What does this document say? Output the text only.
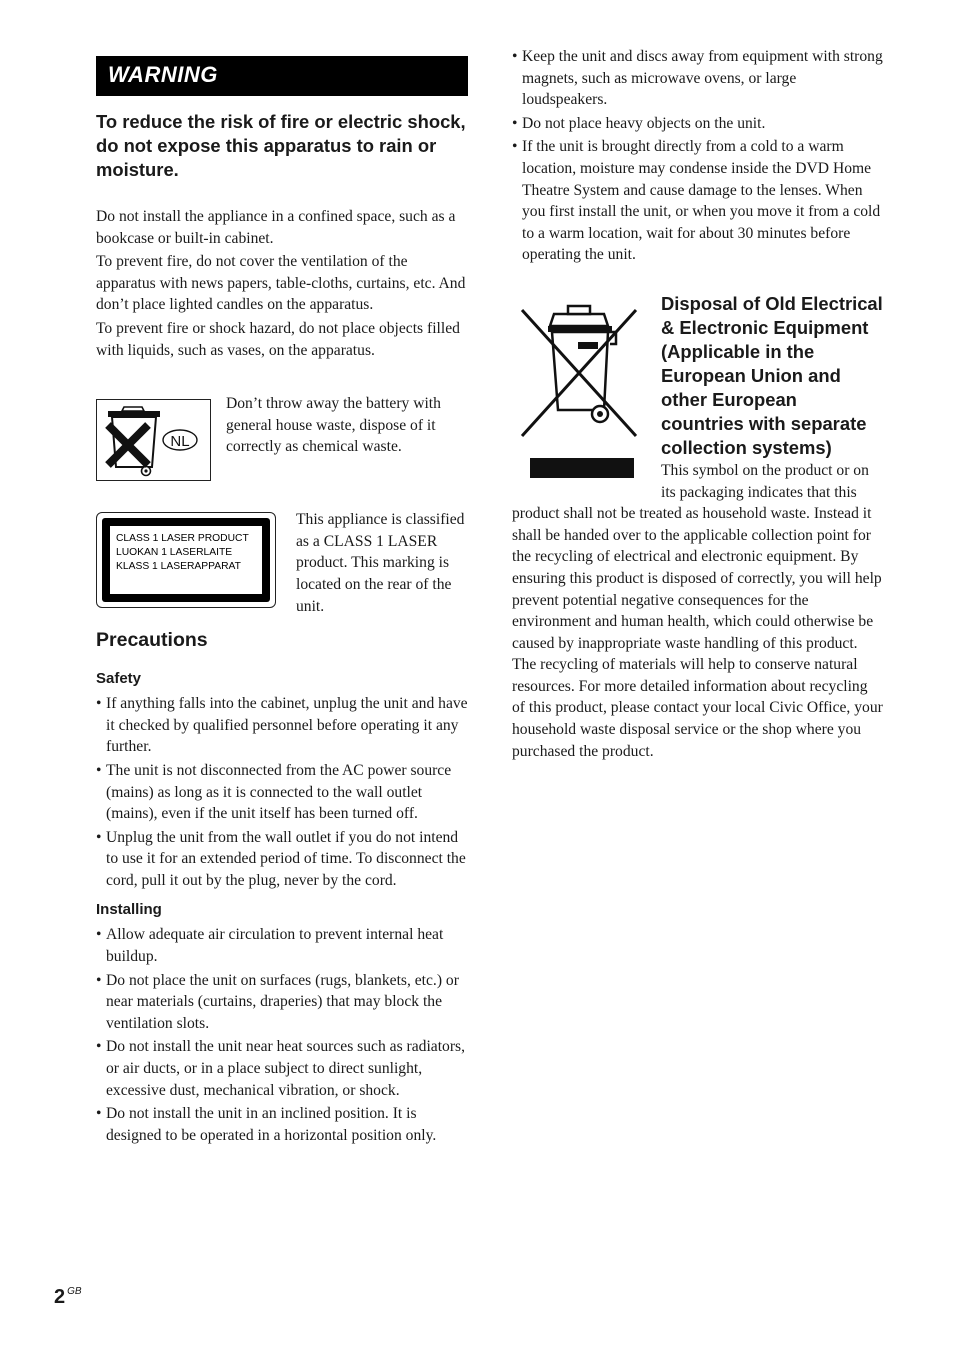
WARNING

To reduce the risk of fire or electric shock, do not expose this apparatus to rain or moisture.

Do not install the appliance in a confined space, such as a bookcase or built-in cabinet.

To prevent fire, do not cover the ventilation of the apparatus with news papers, table-cloths, curtains, etc. And don’t place lighted candles on the apparatus.

To prevent fire or shock hazard, do not place objects filled with liquids, such as vases, on the apparatus.

NL

Don’t throw away the battery with general house waste, dispose of it correctly as chemical waste.

CLASS 1 LASER PRODUCT
LUOKAN 1 LASERLAITE
KLASS 1 LASERAPPARAT

This appliance is classified as a CLASS 1 LASER product. This marking is located on the rear of the unit.

Precautions
Safety
• If anything falls into the cabinet, unplug the unit and have it checked by qualified personnel before operating it any further.
• The unit is not disconnected from the AC power source (mains) as long as it is connected to the wall outlet (mains), even if the unit itself has been turned off.
• Unplug the unit from the wall outlet if you do not intend to use it for an extended period of time. To disconnect the cord, pull it out by the plug, never by the cord.
Installing
• Allow adequate air circulation to prevent internal heat buildup.
• Do not place the unit on surfaces (rugs, blankets, etc.) or near materials (curtains, draperies) that may block the ventilation slots.
• Do not install the unit near heat sources such as radiators, or air ducts, or in a place subject to direct sunlight, excessive dust, mechanical vibration, or shock.
• Do not install the unit in an inclined position. It is designed to be operated in a horizontal position only.
• Keep the unit and discs away from equipment with strong magnets, such as microwave ovens, or large loudspeakers.
• Do not place heavy objects on the unit.
• If the unit is brought directly from a cold to a warm location, moisture may condense inside the DVD Home Theatre System and cause damage to the lenses. When you first install the unit, or when you move it from a cold to a warm location, wait for about 30 minutes before operating the unit.

Disposal of Old Electrical & Electronic Equipment (Applicable in the European Union and other European countries with separate collection systems)

This symbol on the product or on its packaging indicates that this product shall not be treated as household waste. Instead it shall be handed over to the applicable collection point for the recycling of electrical and electronic equipment. By ensuring this product is disposed of correctly, you will help prevent potential negative consequences for the environment and human health, which could otherwise be caused by inappropriate waste handling of this product. The recycling of materials will help to conserve natural resources. For more detailed information about recycling of this product, please contact your local Civic Office, your household waste disposal service or the shop where you purchased the product.

2 $^{GB}$
